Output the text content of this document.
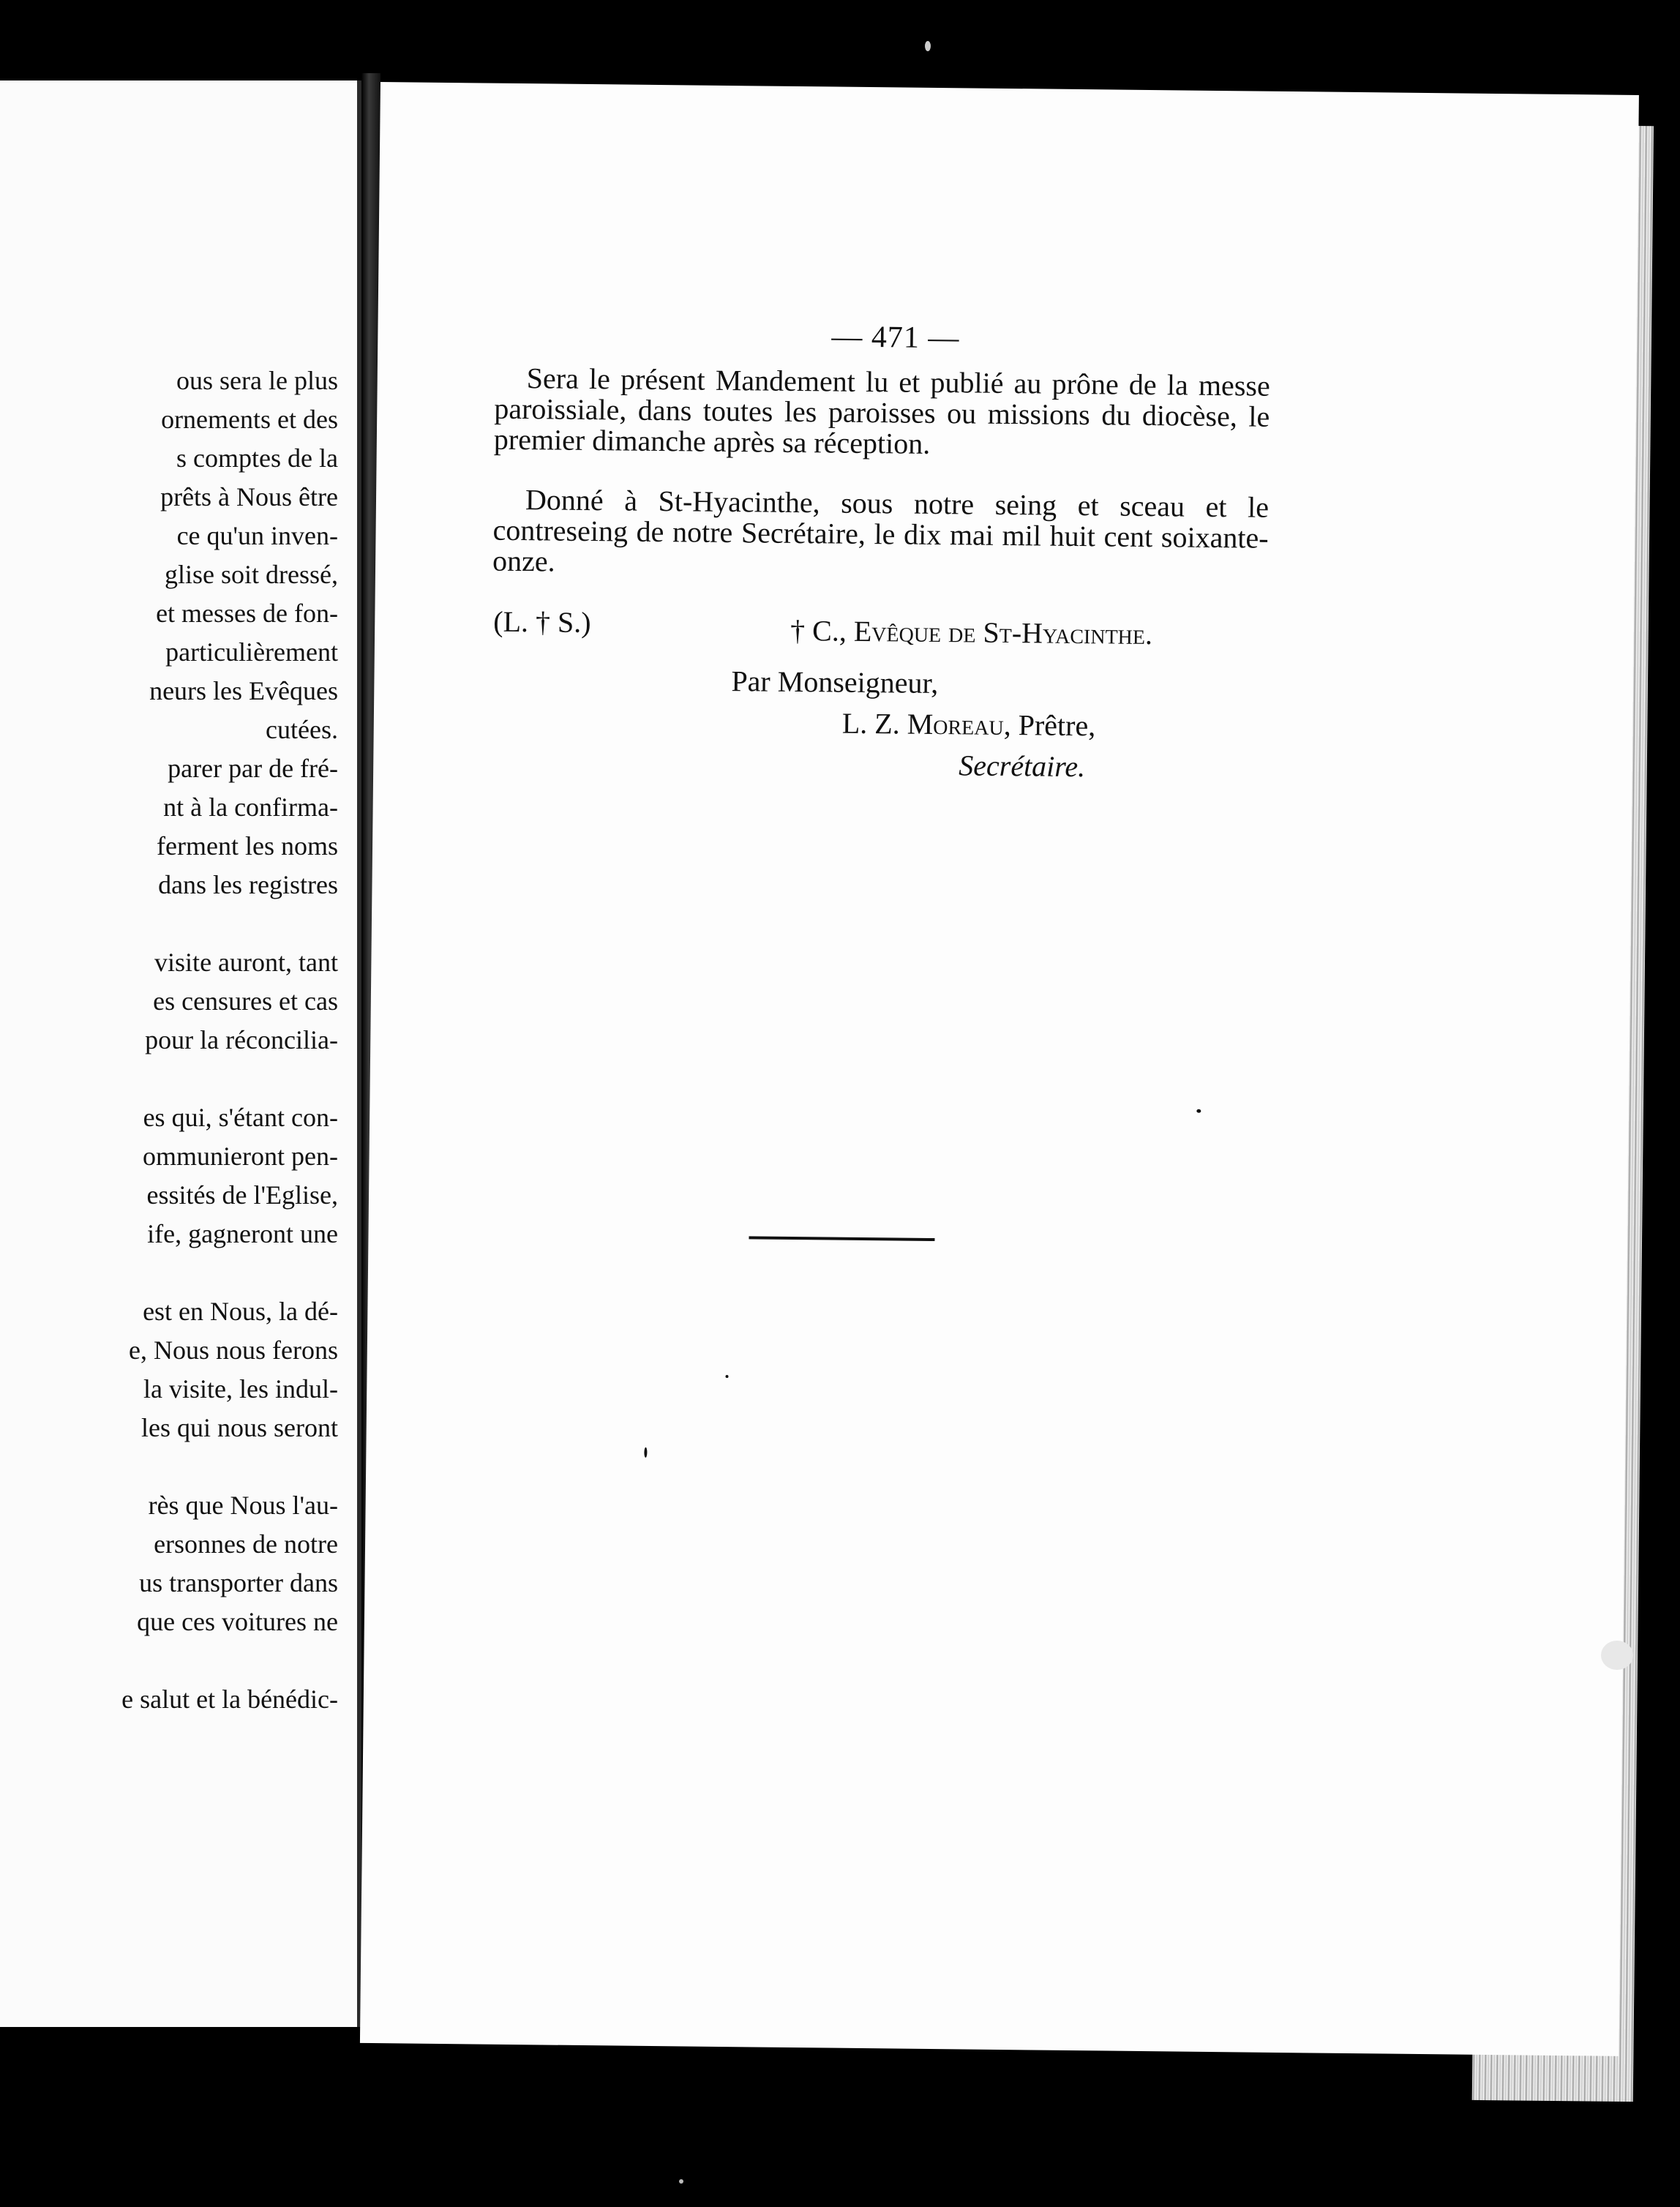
ous sera le plus
ornements et des
s comptes de la
prêts à Nous être
ce qu'un inven-
glise soit dressé,
et messes de fon-
particulièrement
neurs les Evêques
cutées.
parer par de fré-
nt à la confirma-
ferment les noms
dans les registres
visite auront, tant
es censures et cas
pour la réconcilia-
es qui, s'étant con-
ommunieront pen-
essités de l'Eglise,
ife, gagneront une
est en Nous, la dé-
e, Nous nous ferons
la visite, les indul-
les qui nous seront
rès que Nous l'au-
ersonnes de notre
us transporter dans
que ces voitures ne
e salut et la bénédic-
— 471 —
Sera le présent Mandement lu et publié au prône de la messe paroissiale, dans toutes les paroisses ou missions du diocèse, le premier dimanche après sa réception.
Donné à St-Hyacinthe, sous notre seing et sceau et le contreseing de notre Secrétaire, le dix mai mil huit cent soixante-onze.
(L. † S.)	† C., Evêque de St-Hyacinthe.
Par Monseigneur,
L. Z. Moreau, Prêtre,
Secrétaire.
